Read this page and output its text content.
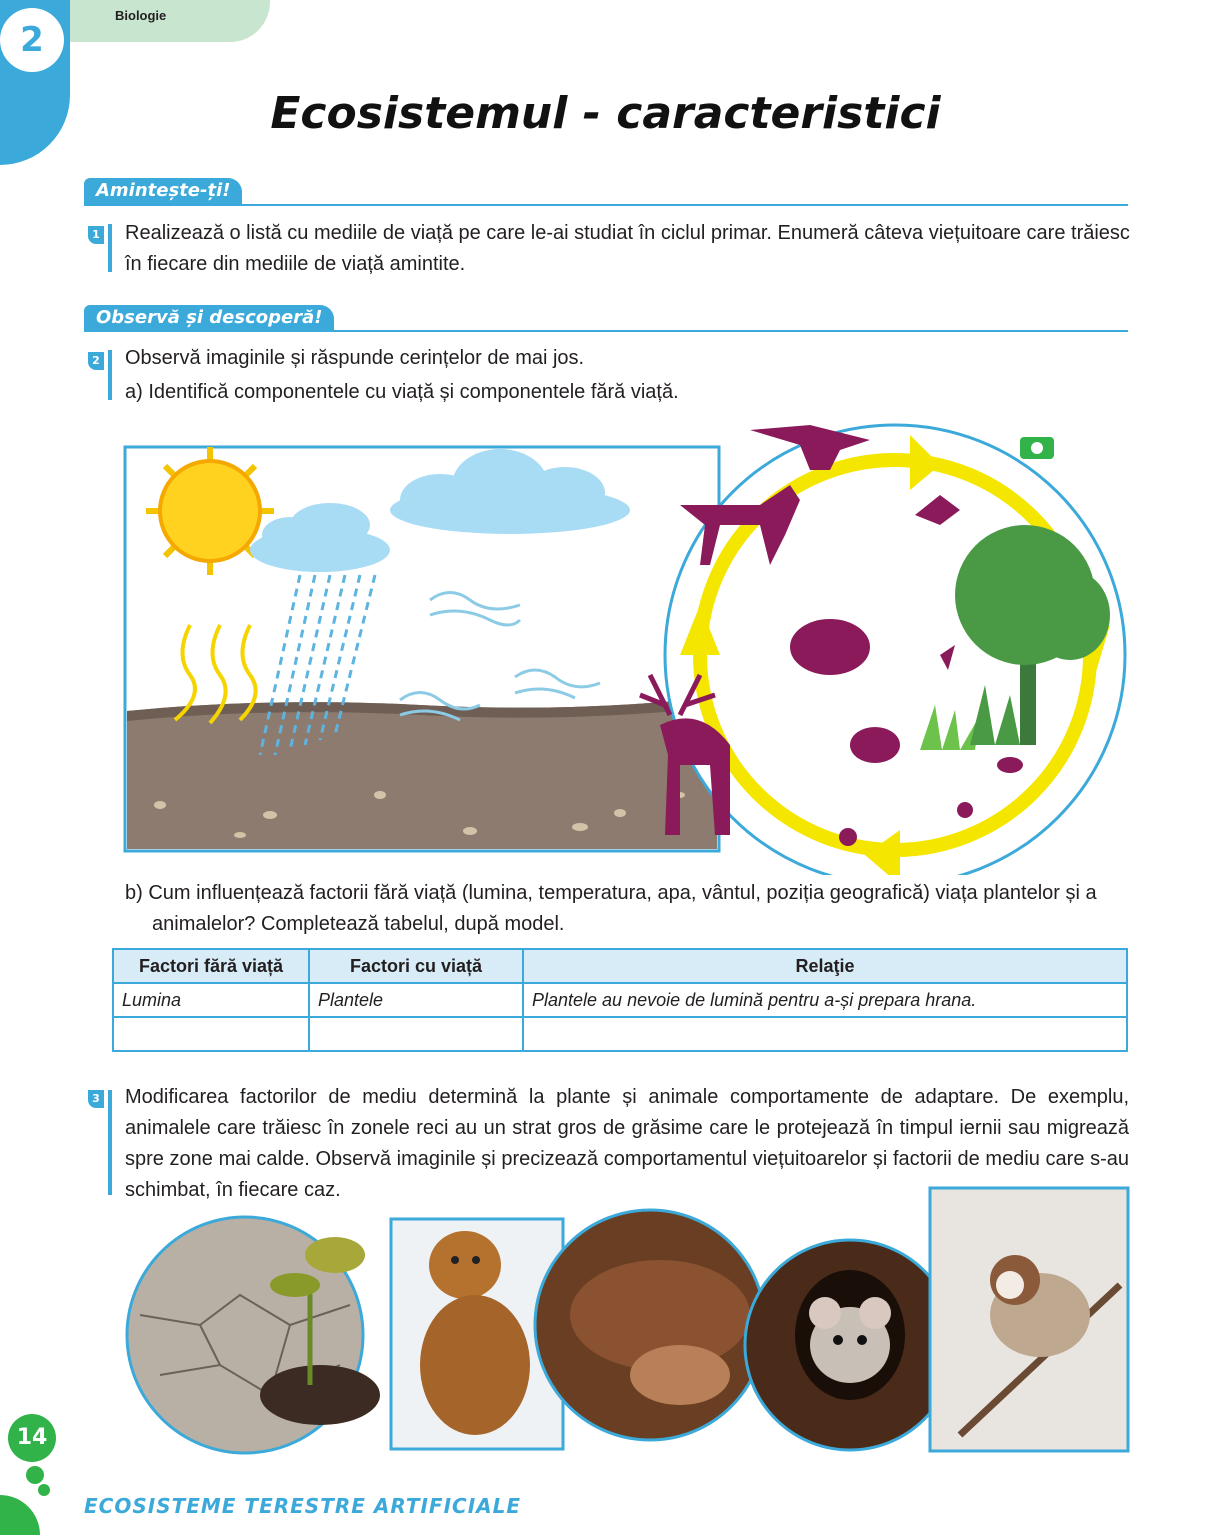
2
Biologie
Ecosistemul - caracteristici
Amintește-ți!
1 Realizează o listă cu mediile de viață pe care le-ai studiat în ciclul primar. Enumeră câteva viețuitoare care trăiesc în fiecare din mediile de viață amintite.
Observă și descoperă!
2 Observă imaginile și răspunde cerințelor de mai jos.
a) Identifică componentele cu viață și componentele fără viață.
b) Cum influențează factorii fără viață (lumina, temperatura, apa, vântul, poziția geografică) viața plantelor și a animalelor? Completează tabelul, după model.
Factori fără viață	Factori cu viață	Relaţie
Lumina	Plantele	Plantele au nevoie de lumină pentru a-și prepara hrana.

3 Modificarea factorilor de mediu determină la plante și animale comportamente de adaptare. De exemplu, animalele care trăiesc în zonele reci au un strat gros de grăsime care le protejează în timpul iernii sau migrează spre zone mai calde. Observă imaginile și precizează comportamentul viețuitoarelor și factorii de mediu care s-au schimbat, în fiecare caz.
14
ECOSISTEME TERESTRE ARTIFICIALE
